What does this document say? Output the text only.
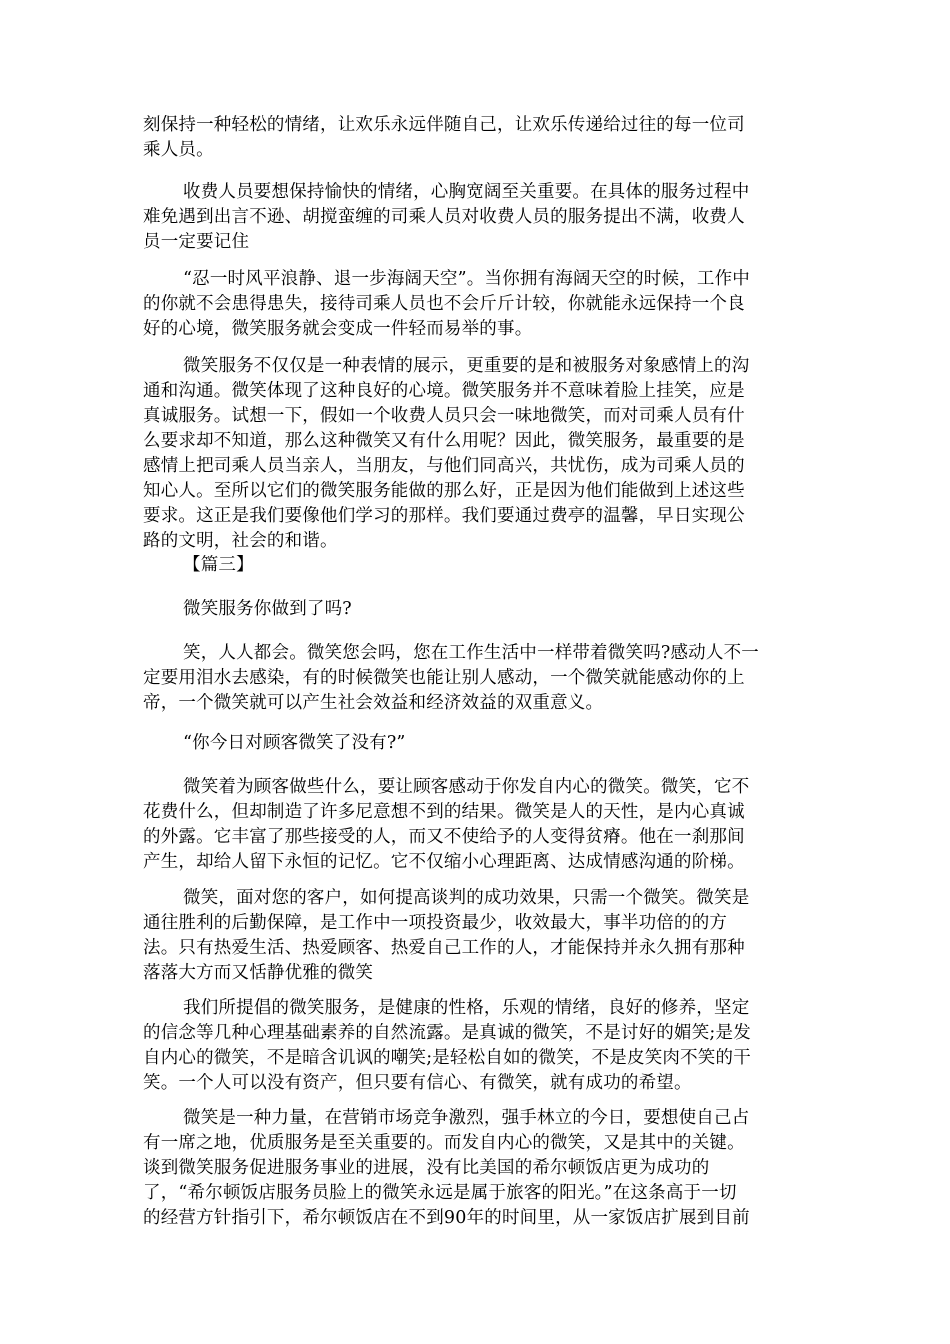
刻保持一种轻松的情绪，让欢乐永远伴随自己，让欢乐传递给过往的每一位司
乘人员。
收费人员要想保持愉快的情绪，心胸宽阔至关重要。在具体的服务过程中
难免遇到出言不逊、胡搅蛮缠的司乘人员对收费人员的服务提出不满，收费人
员一定要记住
“忍一时风平浪静、退一步海阔天空”。当你拥有海阔天空的时候，工作中
的你就不会患得患失，接待司乘人员也不会斤斤计较，你就能永远保持一个良
好的心境，微笑服务就会变成一件轻而易举的事。
微笑服务不仅仅是一种表情的展示，更重要的是和被服务对象感情上的沟
通和沟通。微笑体现了这种良好的心境。微笑服务并不意味着脸上挂笑，应是
真诚服务。试想一下，假如一个收费人员只会一味地微笑，而对司乘人员有什
么要求却不知道，那么这种微笑又有什么用呢？因此，微笑服务，最重要的是
感情上把司乘人员当亲人，当朋友，与他们同高兴，共忧伤，成为司乘人员的
知心人。至所以它们的微笑服务能做的那么好，正是因为他们能做到上述这些
要求。这正是我们要像他们学习的那样。我们要通过费亭的温馨，早日实现公
路的文明，社会的和谐。
【篇三】
微笑服务你做到了吗?
笑，人人都会。微笑您会吗，您在工作生活中一样带着微笑吗?感动人不一
定要用泪水去感染，有的时候微笑也能让别人感动，一个微笑就能感动你的上
帝，一个微笑就可以产生社会效益和经济效益的双重意义。
“你今日对顾客微笑了没有?”
微笑着为顾客做些什么，要让顾客感动于你发自内心的微笑。微笑，它不
花费什么，但却制造了许多尼意想不到的结果。微笑是人的天性，是内心真诚
的外露。它丰富了那些接受的人，而又不使给予的人变得贫瘠。他在一刹那间
产生，却给人留下永恒的记忆。它不仅缩小心理距离、达成情感沟通的阶梯。
微笑，面对您的客户，如何提高谈判的成功效果，只需一个微笑。微笑是
通往胜利的后勤保障，是工作中一项投资最少，收效最大，事半功倍的的方
法。只有热爱生活、热爱顾客、热爱自己工作的人，才能保持并永久拥有那种
落落大方而又恬静优雅的微笑
我们所提倡的微笑服务，是健康的性格，乐观的情绪，良好的修养，坚定
的信念等几种心理基础素养的自然流露。是真诚的微笑，不是讨好的媚笑;是发
自内心的微笑，不是暗含讥讽的嘲笑;是轻松自如的微笑，不是皮笑肉不笑的干
笑。一个人可以没有资产，但只要有信心、有微笑，就有成功的希望。
微笑是一种力量，在营销市场竞争激烈，强手林立的今日，要想使自己占
有一席之地，优质服务是至关重要的。而发自内心的微笑，又是其中的关键。
谈到微笑服务促进服务事业的进展，没有比美国的希尔顿饭店更为成功的
了，“希尔顿饭店服务员脸上的微笑永远是属于旅客的阳光。”在这条高于一切
的经营方针指引下，希尔顿饭店在不到90年的时间里，从一家饭店扩展到目前
